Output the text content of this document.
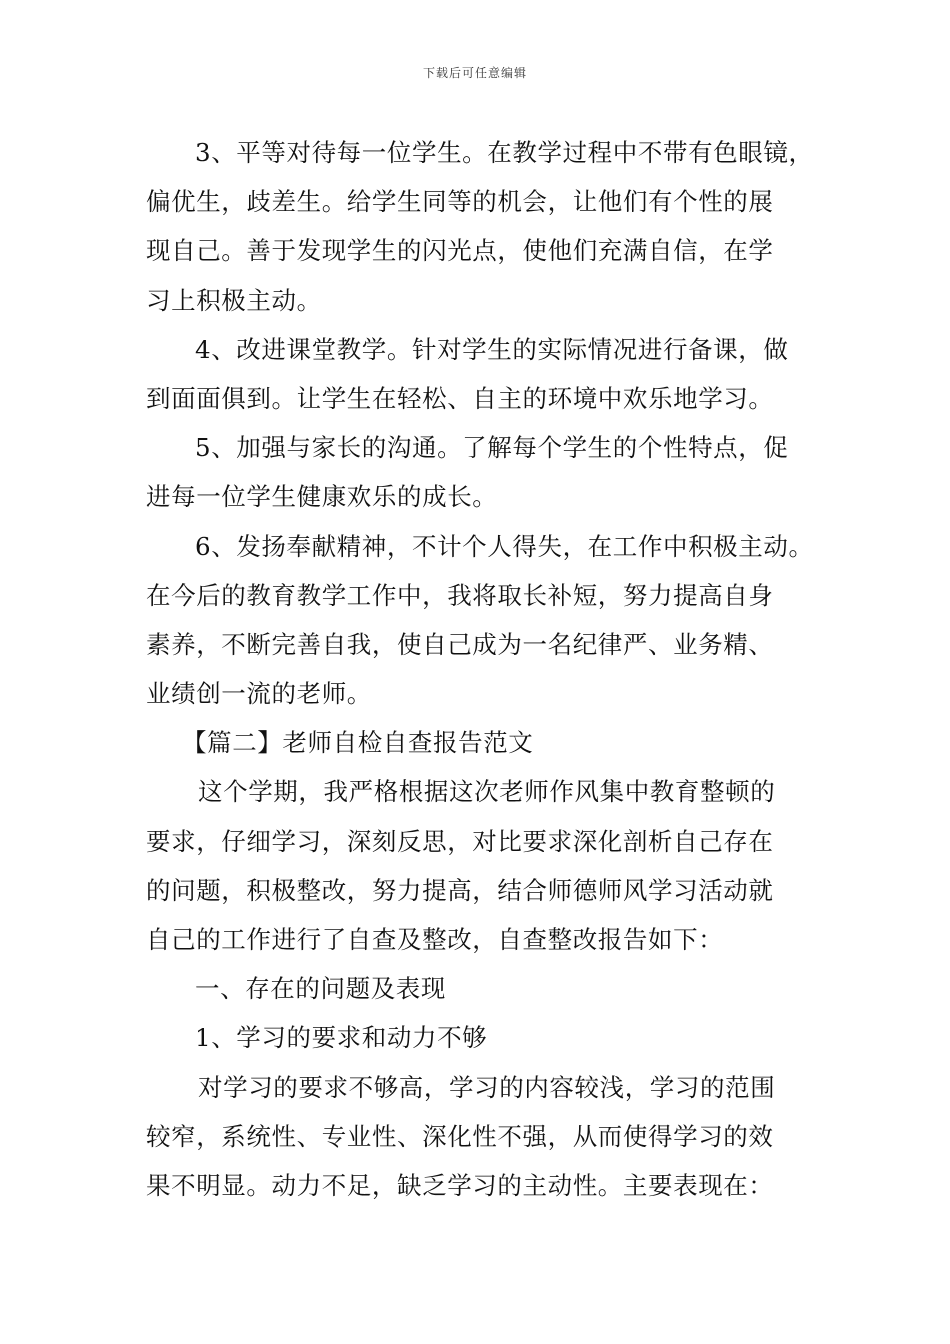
下载后可任意编辑
3、平等对待每一位学生。在教学过程中不带有色眼镜，
偏优生，歧差生。给学生同等的机会，让他们有个性的展
现自己。善于发现学生的闪光点，使他们充满自信，在学
习上积极主动。
4、改进课堂教学。针对学生的实际情况进行备课，做
到面面俱到。让学生在轻松、自主的环境中欢乐地学习。
5、加强与家长的沟通。了解每个学生的个性特点，促
进每一位学生健康欢乐的成长。
6、发扬奉献精神，不计个人得失，在工作中积极主动。
在今后的教育教学工作中，我将取长补短，努力提高自身
素养，不断完善自我，使自己成为一名纪律严、业务精、
业绩创一流的老师。
【篇二】老师自检自查报告范文
这个学期，我严格根据这次老师作风集中教育整顿的
要求，仔细学习，深刻反思，对比要求深化剖析自己存在
的问题，积极整改，努力提高，结合师德师风学习活动就
自己的工作进行了自查及整改，自查整改报告如下：
一、存在的问题及表现
1、学习的要求和动力不够
对学习的要求不够高，学习的内容较浅，学习的范围
较窄，系统性、专业性、深化性不强，从而使得学习的效
果不明显。动力不足，缺乏学习的主动性。主要表现在：
